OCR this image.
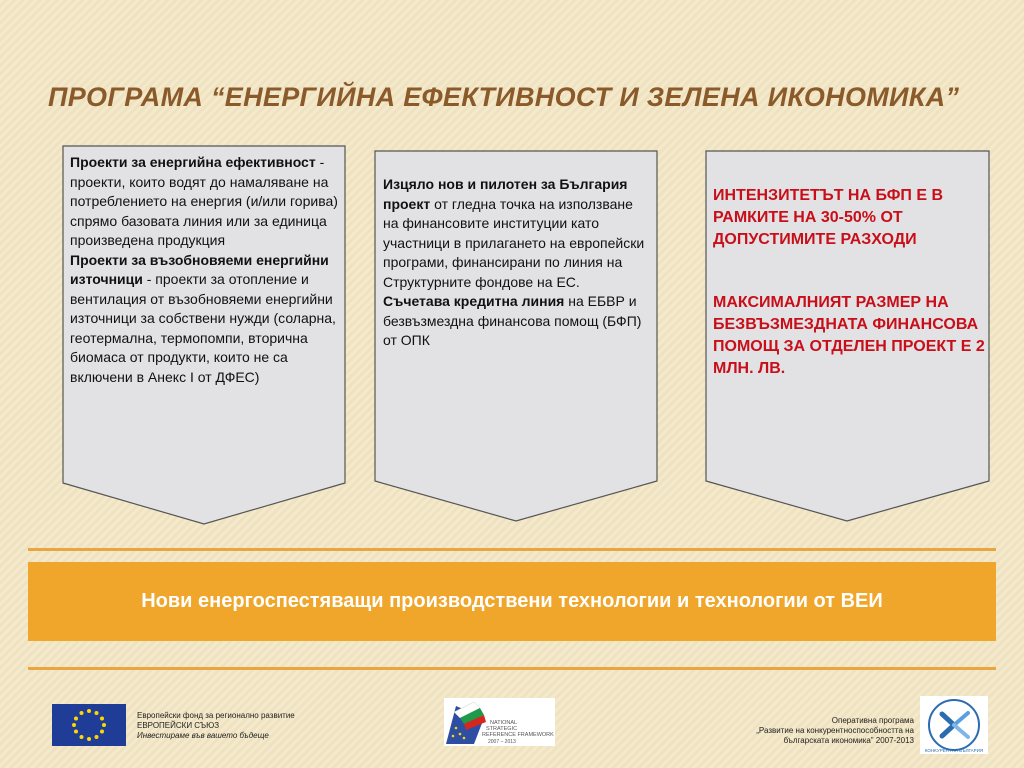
ПРОГРАМА “ЕНЕРГИЙНА ЕФЕКТИВНОСТ И ЗЕЛЕНА ИКОНОМИКА”
Проекти за енергийна ефективност - проекти, които водят до намаляване на потреблението на енергия (и/или горива) спрямо базовата линия или за единица произведена продукция
Проекти за възобновяеми енергийни източници - проекти за отопление и вентилация от възобновяеми енергийни източници за собствени нужди (соларна, геотермална, термопомпи, вторична биомаса от продукти, които не са включени в Анекс I от ДФЕС)
Изцяло нов и пилотен за България проект от гледна точка на използване на финансовите институции като участници в прилагането на европейски програми, финансирани по линия на Структурните фондове на ЕС.
Съчетава кредитна линия на ЕБВР и безвъзмездна финансова помощ (БФП) от ОПК

ИНТЕНЗИТЕТЪТ НА БФП Е В РАМКИТЕ НА 30-50% ОТ ДОПУСТИМИТЕ РАЗХОДИ

МАКСИМАЛНИЯТ РАЗМЕР НА БЕЗВЪЗМЕЗДНАТА ФИНАНСОВА ПОМОЩ ЗА ОТДЕЛЕН ПРОЕКТ Е 2 МЛН. ЛВ.

Нови енергоспестяващи производствени технологии и технологии от ВЕИ
Европейски фонд за регионално развитие
ЕВРОПЕЙСКИ СЪЮЗ
Инвестираме във вашето бъдеще
NATIONAL
STRATEGIC
REFERENCE FRAMEWORK
2007 – 2013
Оперативна програма
„Развитие на конкурентноспособността на
българската икономика” 2007-2013
КОНКУРЕНТНА БЪЛГАРИЯ
